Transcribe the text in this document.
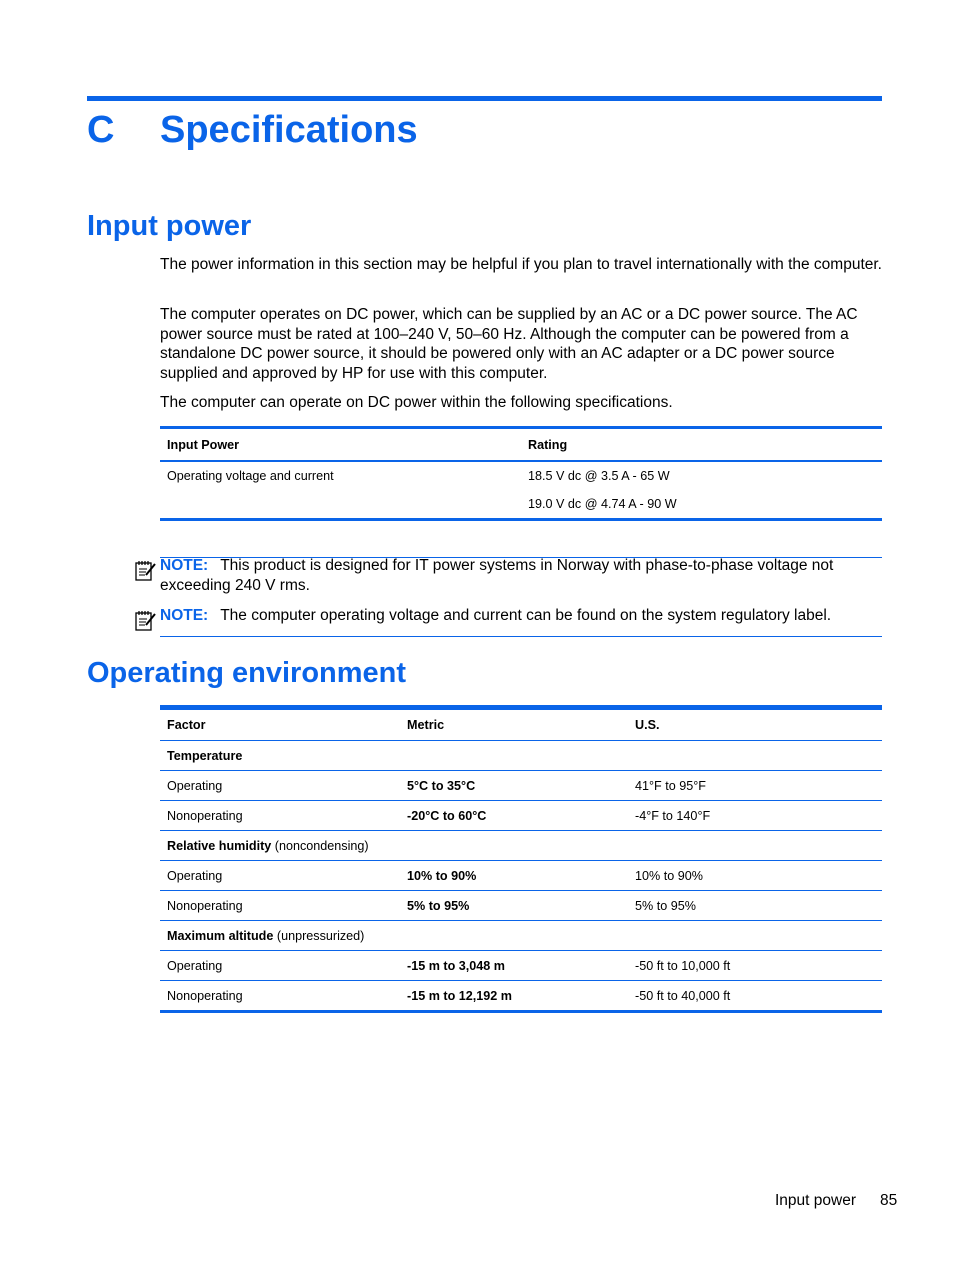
C Specifications
Input power
The power information in this section may be helpful if you plan to travel internationally with the computer.
The computer operates on DC power, which can be supplied by an AC or a DC power source. The AC power source must be rated at 100–240 V, 50–60 Hz. Although the computer can be powered from a standalone DC power source, it should be powered only with an AC adapter or a DC power source supplied and approved by HP for use with this computer.
The computer can operate on DC power within the following specifications.
Input Power	Rating
Operating voltage and current	18.5 V dc @ 3.5 A - 65 W
	19.0 V dc @ 4.74 A - 90 W
NOTE: This product is designed for IT power systems in Norway with phase-to-phase voltage not exceeding 240 V rms.
NOTE: The computer operating voltage and current can be found on the system regulatory label.
Operating environment
Factor	Metric	U.S.
Temperature		
Operating	5°C to 35°C	41°F to 95°F
Nonoperating	-20°C to 60°C	-4°F to 140°F
Relative humidity (noncondensing)		
Operating	10% to 90%	10% to 90%
Nonoperating	5% to 95%	5% to 95%
Maximum altitude (unpressurized)		
Operating	-15 m to 3,048 m	-50 ft to 10,000 ft
Nonoperating	-15 m to 12,192 m	-50 ft to 40,000 ft
Input power 85
